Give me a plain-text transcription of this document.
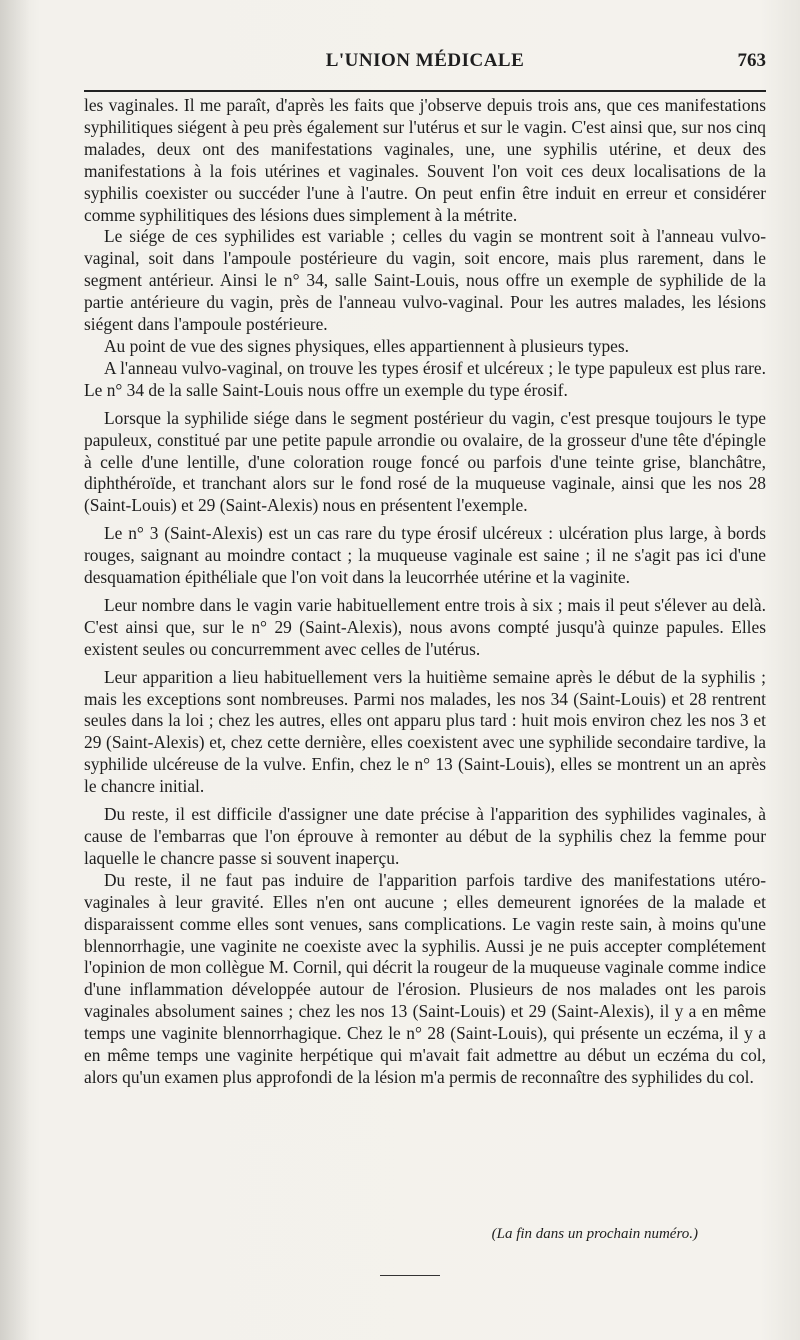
L'UNION MÉDICALE	763

les vaginales. Il me paraît, d'après les faits que j'observe depuis trois ans, que ces manifestations syphilitiques siégent à peu près également sur l'utérus et sur le vagin. C'est ainsi que, sur nos cinq malades, deux ont des manifestations vaginales, une, une syphilis utérine, et deux des manifestations à la fois utérines et vaginales. Souvent l'on voit ces deux localisations de la syphilis coexister ou succéder l'une à l'autre. On peut enfin être induit en erreur et considérer comme syphilitiques des lésions dues simplement à la métrite.

Le siége de ces syphilides est variable ; celles du vagin se montrent soit à l'anneau vulvo-vaginal, soit dans l'ampoule postérieure du vagin, soit encore, mais plus rarement, dans le segment antérieur. Ainsi le n° 34, salle Saint-Louis, nous offre un exemple de syphilide de la partie antérieure du vagin, près de l'anneau vulvo-vaginal. Pour les autres malades, les lésions siégent dans l'ampoule postérieure.

Au point de vue des signes physiques, elles appartiennent à plusieurs types.

A l'anneau vulvo-vaginal, on trouve les types érosif et ulcéreux ; le type papuleux est plus rare. Le n° 34 de la salle Saint-Louis nous offre un exemple du type érosif.

Lorsque la syphilide siége dans le segment postérieur du vagin, c'est presque toujours le type papuleux, constitué par une petite papule arrondie ou ovalaire, de la grosseur d'une tête d'épingle à celle d'une lentille, d'une coloration rouge foncé ou parfois d'une teinte grise, blanchâtre, diphthéroïde, et tranchant alors sur le fond rosé de la muqueuse vaginale, ainsi que les nos 28 (Saint-Louis) et 29 (Saint-Alexis) nous en présentent l'exemple.

Le n° 3 (Saint-Alexis) est un cas rare du type érosif ulcéreux : ulcération plus large, à bords rouges, saignant au moindre contact ; la muqueuse vaginale est saine ; il ne s'agit pas ici d'une desquamation épithéliale que l'on voit dans la leucorrhée utérine et la vaginite.

Leur nombre dans le vagin varie habituellement entre trois à six ; mais il peut s'élever au delà. C'est ainsi que, sur le n° 29 (Saint-Alexis), nous avons compté jusqu'à quinze papules. Elles existent seules ou concurremment avec celles de l'utérus.

Leur apparition a lieu habituellement vers la huitième semaine après le début de la syphilis ; mais les exceptions sont nombreuses. Parmi nos malades, les nos 34 (Saint-Louis) et 28 rentrent seules dans la loi ; chez les autres, elles ont apparu plus tard : huit mois environ chez les nos 3 et 29 (Saint-Alexis) et, chez cette dernière, elles coexistent avec une syphilide secondaire tardive, la syphilide ulcéreuse de la vulve. Enfin, chez le n° 13 (Saint-Louis), elles se montrent un an après le chancre initial.

Du reste, il est difficile d'assigner une date précise à l'apparition des syphilides vaginales, à cause de l'embarras que l'on éprouve à remonter au début de la syphilis chez la femme pour laquelle le chancre passe si souvent inaperçu.

Du reste, il ne faut pas induire de l'apparition parfois tardive des manifestations utéro-vaginales à leur gravité. Elles n'en ont aucune ; elles demeurent ignorées de la malade et disparaissent comme elles sont venues, sans complications. Le vagin reste sain, à moins qu'une blennorrhagie, une vaginite ne coexiste avec la syphilis. Aussi je ne puis accepter complétement l'opinion de mon collègue M. Cornil, qui décrit la rougeur de la muqueuse vaginale comme indice d'une inflammation développée autour de l'érosion. Plusieurs de nos malades ont les parois vaginales absolument saines ; chez les nos 13 (Saint-Louis) et 29 (Saint-Alexis), il y a en même temps une vaginite blennorrhagique. Chez le n° 28 (Saint-Louis), qui présente un eczéma, il y a en même temps une vaginite herpétique qui m'avait fait admettre au début un eczéma du col, alors qu'un examen plus approfondi de la lésion m'a permis de reconnaître des syphilides du col.

(La fin dans un prochain numéro.)
